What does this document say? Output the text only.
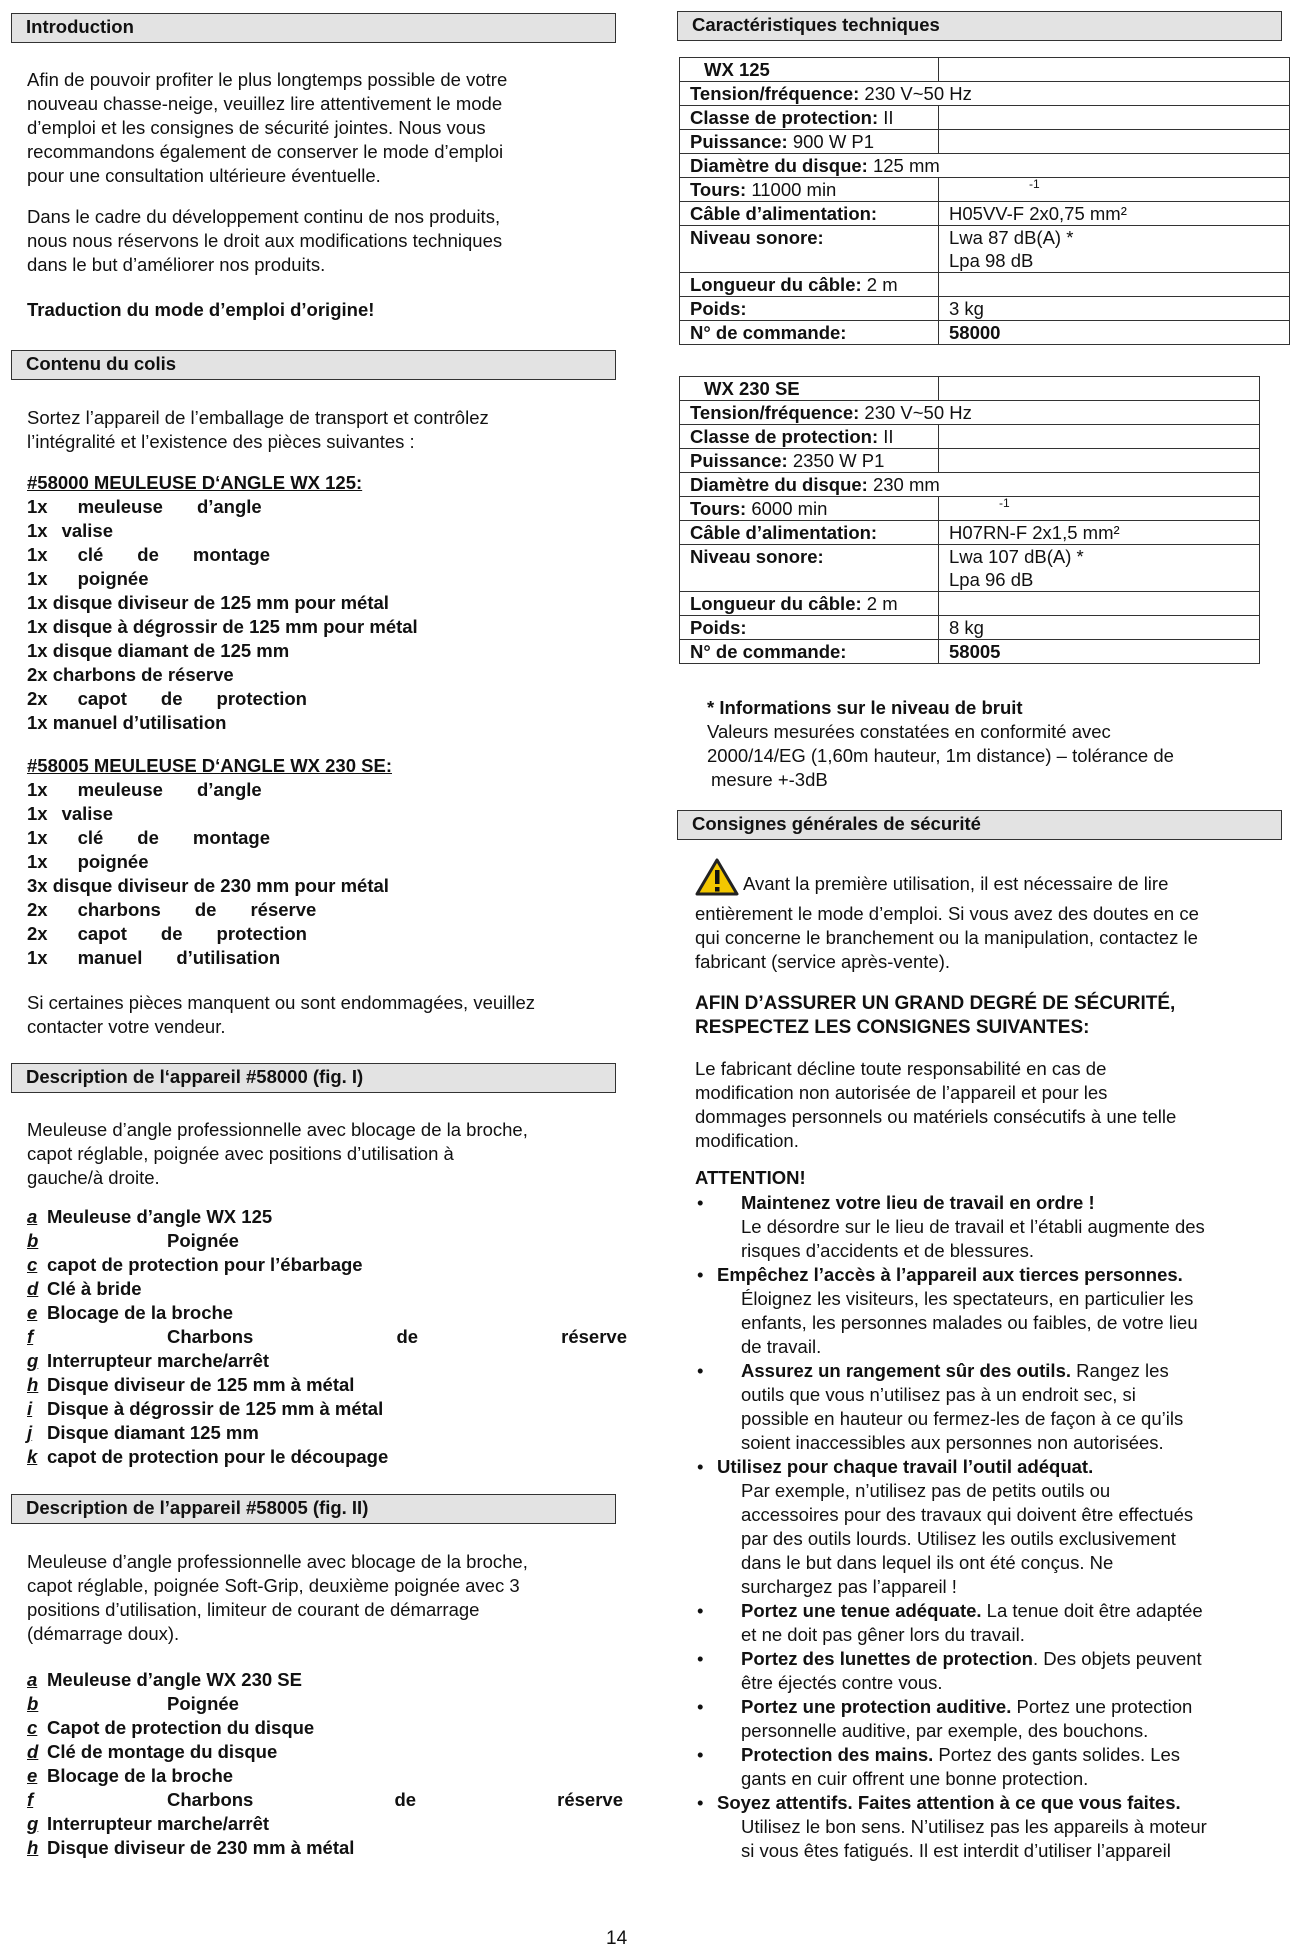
Introduction

Afin de pouvoir profiter le plus longtemps possible de votre

nouveau chasse-neige, veuillez lire attentivement le mode

d’emploi et les consignes de sécurité jointes. Nous vous

recommandons également de conserver le mode d’emploi

pour une consultation ultérieure éventuelle.

Dans le cadre du développement continu de nos produits,

nous nous réservons le droit aux modifications techniques

dans le but d’améliorer nos produits.

Traduction du mode d’emploi d’origine!

Contenu du colis

Sortez l’appareil de l’emballage de transport et contrôlez

l’intégralité et l’existence des pièces suivantes :

#58000 MEULEUSE D‘ANGLE WX 125:

1x meuleuse d’angle

1x valise

1x clé de montage

1x poignée

1x disque diviseur de 125 mm pour métal

1x disque à dégrossir de 125 mm pour métal

1x disque diamant de 125 mm

2x charbons de réserve

2x capot de protection

1x manuel d’utilisation

#58005 MEULEUSE D‘ANGLE WX 230 SE:

1x meuleuse d’angle

1x valise

1x clé de montage

1x poignée

3x disque diviseur de 230 mm pour métal

2x charbons de réserve

2x capot de protection

1x manuel d’utilisation

Si certaines pièces manquent ou sont endommagées, veuillez

contacter votre vendeur.

Description de l‘appareil #58000 (fig. I)

Meuleuse d’angle professionnelle avec blocage de la broche,

capot réglable, poignée avec positions d’utilisation à

gauche/à droite.

a Meuleuse d’angle WX 125

b	Poignée

c capot de protection pour l’ébarbage

d Clé à bride

e Blocage de la broche

f	Charbons	de	réserve

g Interrupteur marche/arrêt

h Disque diviseur de 125 mm à métal

i Disque à dégrossir de 125 mm à métal

j Disque diamant 125 mm

k capot de protection pour le découpage

Description de l’appareil #58005 (fig. II)

Meuleuse d’angle professionnelle avec blocage de la broche,

capot réglable, poignée Soft-Grip, deuxième poignée avec 3

positions d’utilisation, limiteur de courant de démarrage

(démarrage doux).

a Meuleuse d’angle WX 230 SE

b	Poignée

c Capot de protection du disque

d Clé de montage du disque

e Blocage de la broche

f	Charbons	de	réserve

g Interrupteur marche/arrêt

h Disque diviseur de 230 mm à métal

Caractéristiques techniques
WX 125	
Tension/fréquence: 230 V~50 Hz	
Classe de protection: II	
Puissance: 900 W P1	
Diamètre du disque: 125 mm	
Tours: 11000 min	-1
Câble d’alimentation:	H05VV-F 2x0,75 mm²
Niveau sonore:	Lwa 87 dB(A) *
Lpa 98 dB

Longueur du câble: 2 m	
Poids:	3 kg
N° de commande:	58000
WX 230 SE	
Tension/fréquence: 230 V~50 Hz	
Classe de protection: II	
Puissance: 2350 W P1	
Diamètre du disque: 230 mm	
Tours: 6000 min	-1
Câble d’alimentation:	H07RN-F 2x1,5 mm²
Niveau sonore:	Lwa 107 dB(A) *
Lpa 96 dB

Longueur du câble: 2 m	
Poids:	8 kg
N° de commande:	58005

* Informations sur le niveau de bruit

Valeurs mesurées constatées en conformité avec

2000/14/EG (1,60m hauteur, 1m distance) – tolérance de

mesure +-3dB

Consignes générales de sécurité

Avant la première utilisation, il est nécessaire de lire

entièrement le mode d’emploi. Si vous avez des doutes en ce

qui concerne le branchement ou la manipulation, contactez le

fabricant (service après-vente).

AFIN D’ASSURER UN GRAND DEGRÉ DE SÉCURITÉ,

RESPECTEZ LES CONSIGNES SUIVANTES:

Le fabricant décline toute responsabilité en cas de

modification non autorisée de l’appareil et pour les

dommages personnels ou matériels consécutifs à une telle

modification.

ATTENTION!

• Maintenez votre lieu de travail en ordre !
Le désordre sur le lieu de travail et l’établi augmente des
risques d’accidents et de blessures.
• Empêchez l’accès à l’appareil aux tierces personnes.
Éloignez les visiteurs, les spectateurs, en particulier les
enfants, les personnes malades ou faibles, de votre lieu
de travail.
• Assurez un rangement sûr des outils. Rangez les
outils que vous n’utilisez pas à un endroit sec, si
possible en hauteur ou fermez-les de façon à ce qu’ils
soient inaccessibles aux personnes non autorisées.
• Utilisez pour chaque travail l’outil adéquat.
Par exemple, n’utilisez pas de petits outils ou
accessoires pour des travaux qui doivent être effectués
par des outils lourds. Utilisez les outils exclusivement
dans le but dans lequel ils ont été conçus. Ne
surchargez pas l’appareil !
• Portez une tenue adéquate. La tenue doit être adaptée
et ne doit pas gêner lors du travail.
• Portez des lunettes de protection. Des objets peuvent
être éjectés contre vous.
• Portez une protection auditive. Portez une protection
personnelle auditive, par exemple, des bouchons.
• Protection des mains. Portez des gants solides. Les
gants en cuir offrent une bonne protection.
• Soyez attentifs. Faites attention à ce que vous faites.
Utilisez le bon sens. N’utilisez pas les appareils à moteur
si vous êtes fatigués. Il est interdit d’utiliser l’appareil

14
